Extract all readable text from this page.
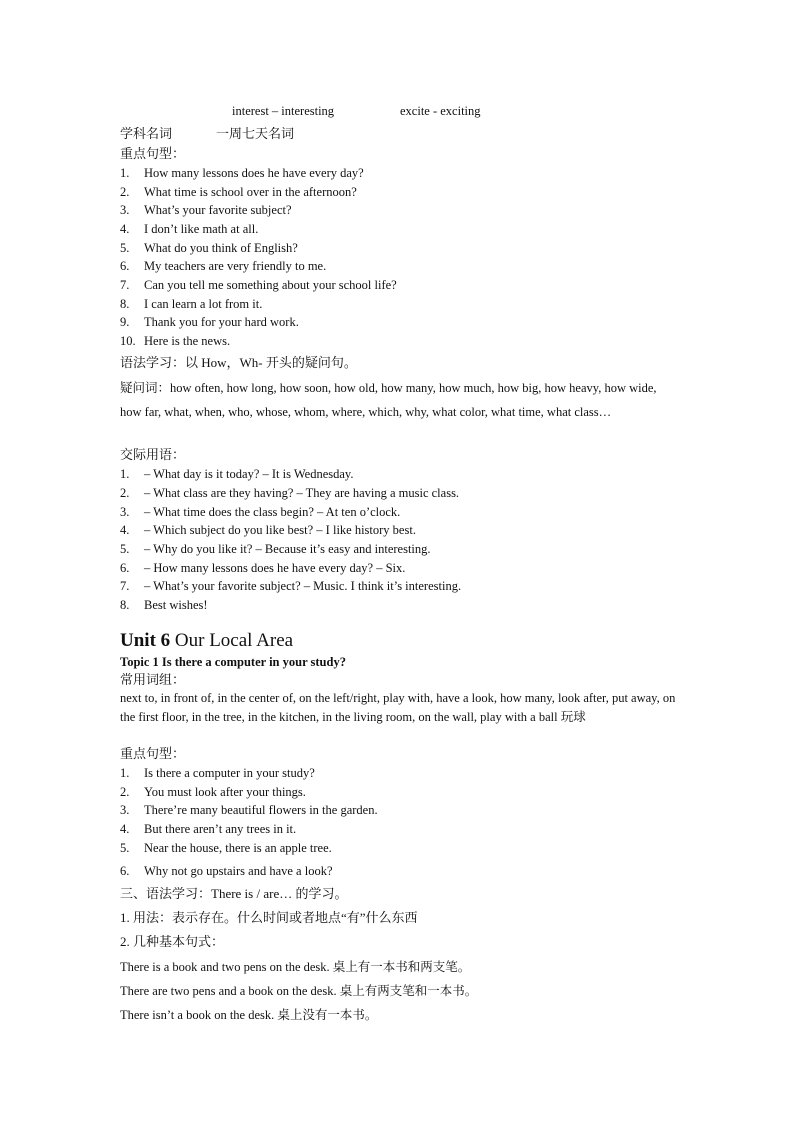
interest – interesting	excite - exciting
学科名词	一周七天名词
重点句型：
1.	How many lessons does he have every day?
2.	What time is school over in the afternoon?
3.	What’s your favorite subject?
4.	I don’t like math at all.
5.	What do you think of English?
6.	My teachers are very friendly to me.
7.	Can you tell me something about your school life?
8.	I can learn a lot from it.
9.	Thank you for your hard work.
10. Here is the news.
语法学习：以 How，Wh- 开头的疑问句。
疑问词：how often, how long, how soon, how old, how many, how much, how big, how heavy, how wide, how far, what, when, who, whose, whom, where, which, why, what color, what time, what class…
交际用语：
1.	– What day is it today? – It is Wednesday.
2.	– What class are they having? – They are having a music class.
3.	– What time does the class begin? – At ten o’clock.
4.	– Which subject do you like best? – I like history best.
5.	– Why do you like it? – Because it’s easy and interesting.
6.	– How many lessons does he have every day? – Six.
7.	– What’s your favorite subject? – Music. I think it’s interesting.
8.	Best wishes!
Unit 6 Our Local Area
Topic 1 Is there a computer in your study?
常用词组：
next to, in front of, in the center of, on the left/right, play with, have a look, how many, look after, put away, on the first floor, in the tree, in the kitchen, in the living room, on the wall, play with a ball 玩球
重点句型：
1.	Is there a computer in your study?
2.	You must look after your things.
3.	There’re many beautiful flowers in the garden.
4.	But there aren’t any trees in it.
5.	Near the house, there is an apple tree.
6.	Why not go upstairs and have a look?
三、语法学习：There is / are… 的学习。
1. 用法：表示存在。什么时间或者地点“有”什么东西
2. 几种基本句式：
There is a book and two pens on the desk. 桌上有一本书和两支笔。
There are two pens and a book on the desk. 桌上有两支笔和一本书。
There isn’t a book on the desk. 桌上没有一本书。
